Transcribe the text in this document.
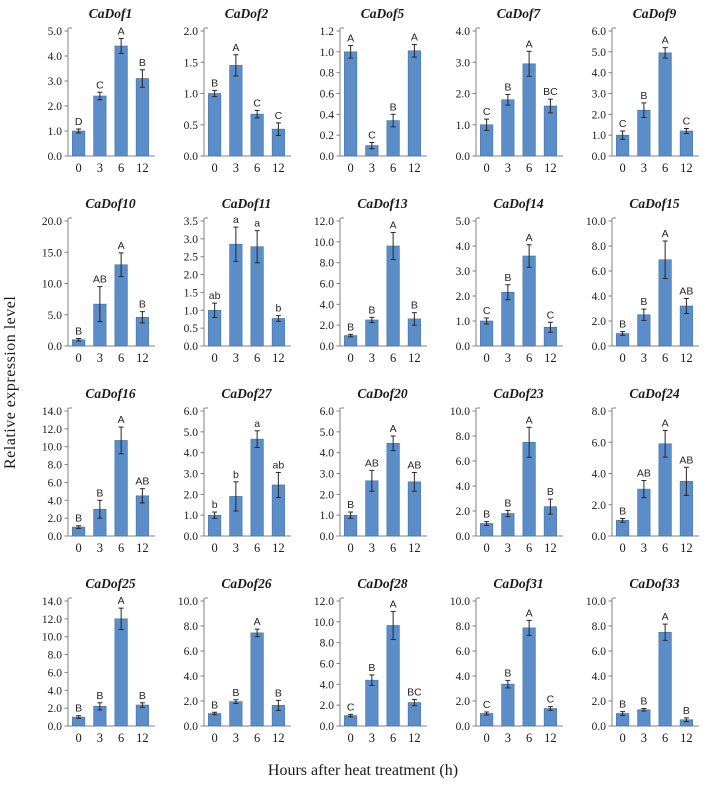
Relative expression level
CaDof1
0.0
1.0
2.0
3.0
4.0
5.0
D
0
C
3
A
6
B
12
CaDof2
0.0
0.5
1.0
1.5
2.0
B
0
A
3
C
6
C
12
CaDof5
0.0
0.2
0.4
0.6
0.8
1.0
1.2
A
0
C
3
B
6
A
12
CaDof7
0.0
1.0
2.0
3.0
4.0
C
0
B
3
A
6
BC
12
CaDof9
0.0
1.0
2.0
3.0
4.0
5.0
6.0
C
0
B
3
A
6
C
12
CaDof10
0.0
5.0
10.0
15.0
20.0
B
0
AB
3
A
6
B
12
CaDof11
0.0
0.5
1.0
1.5
2.0
2.5
3.0
3.5
ab
0
a
3
a
6
b
12
CaDof13
0.0
2.0
4.0
6.0
8.0
10.0
12.0
B
0
B
3
A
6
B
12
CaDof14
0.0
1.0
2.0
3.0
4.0
5.0
C
0
B
3
A
6
C
12
CaDof15
0.0
2.0
4.0
6.0
8.0
10.0
B
0
B
3
A
6
AB
12
CaDof16
0.0
2.0
4.0
6.0
8.0
10.0
12.0
14.0
B
0
B
3
A
6
AB
12
CaDof27
0.0
1.0
2.0
3.0
4.0
5.0
6.0
b
0
b
3
a
6
ab
12
CaDof20
0.0
1.0
2.0
3.0
4.0
5.0
6.0
B
0
AB
3
A
6
AB
12
CaDof23
0.0
2.0
4.0
6.0
8.0
10.0
B
0
B
3
A
6
B
12
CaDof24
0.0
2.0
4.0
6.0
8.0
B
0
AB
3
A
6
AB
12
CaDof25
0.0
2.0
4.0
6.0
8.0
10.0
12.0
14.0
B
0
B
3
A
6
B
12
CaDof26
0.0
2.0
4.0
6.0
8.0
10.0
B
0
B
3
A
6
B
12
CaDof28
0.0
2.0
4.0
6.0
8.0
10.0
12.0
C
0
B
3
A
6
BC
12
CaDof31
0.0
2.0
4.0
6.0
8.0
10.0
C
0
B
3
A
6
C
12
CaDof33
0.0
2.0
4.0
6.0
8.0
10.0
B
0
B
3
A
6
B
12
Hours after heat treatment (h)
